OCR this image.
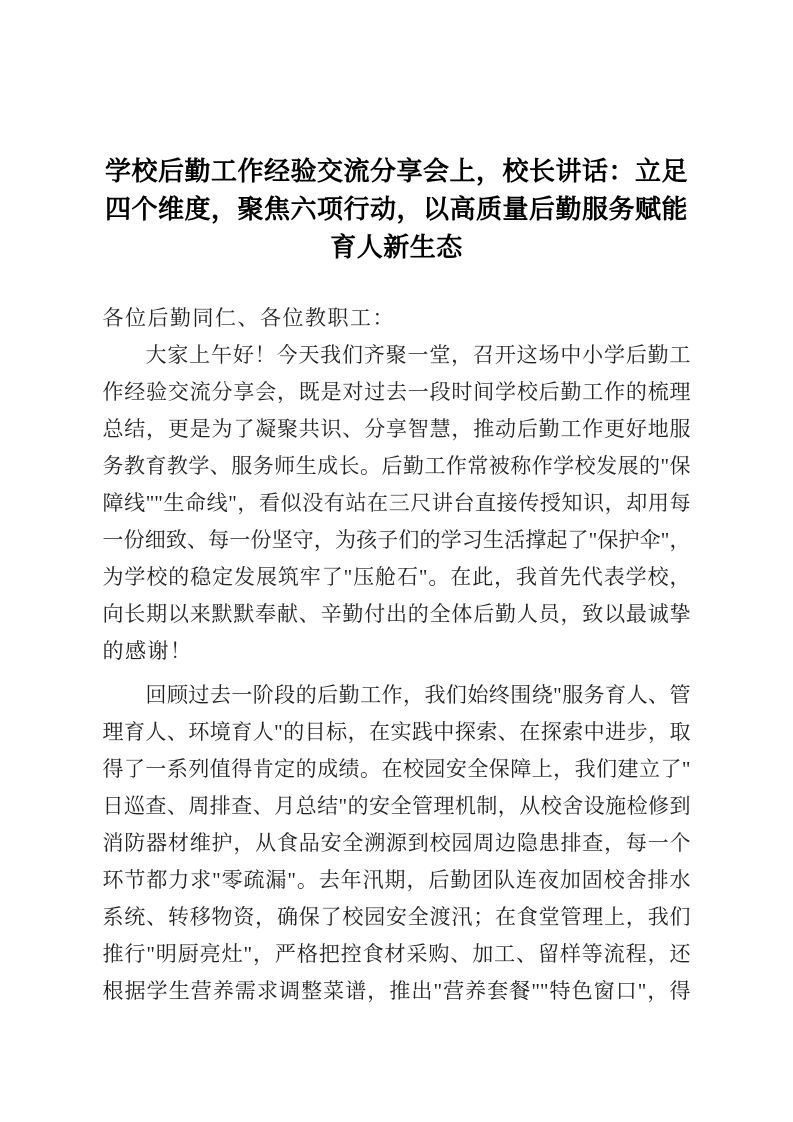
学校后勤工作经验交流分享会上，校长讲话：立足
四个维度，聚焦六项行动，以高质量后勤服务赋能
育人新生态
各位后勤同仁、各位教职工：
大家上午好！今天我们齐聚一堂，召开这场中小学后勤工
作经验交流分享会，既是对过去一段时间学校后勤工作的梳理
总结，更是为了凝聚共识、分享智慧，推动后勤工作更好地服
务教育教学、服务师生成长。后勤工作常被称作学校发展的"保
障线""生命线"，看似没有站在三尺讲台直接传授知识，却用每
一份细致、每一份坚守，为孩子们的学习生活撑起了"保护伞"，
为学校的稳定发展筑牢了"压舱石"。在此，我首先代表学校，
向长期以来默默奉献、辛勤付出的全体后勤人员，致以最诚挚
的感谢！
回顾过去一阶段的后勤工作，我们始终围绕"服务育人、管
理育人、环境育人"的目标，在实践中探索、在探索中进步，取
得了一系列值得肯定的成绩。在校园安全保障上，我们建立了"
日巡查、周排查、月总结"的安全管理机制，从校舍设施检修到
消防器材维护，从食品安全溯源到校园周边隐患排查，每一个
环节都力求"零疏漏"。去年汛期，后勤团队连夜加固校舍排水
系统、转移物资，确保了校园安全渡汛；在食堂管理上，我们
推行"明厨亮灶"，严格把控食材采购、加工、留样等流程，还
根据学生营养需求调整菜谱，推出"营养套餐""特色窗口"，得
